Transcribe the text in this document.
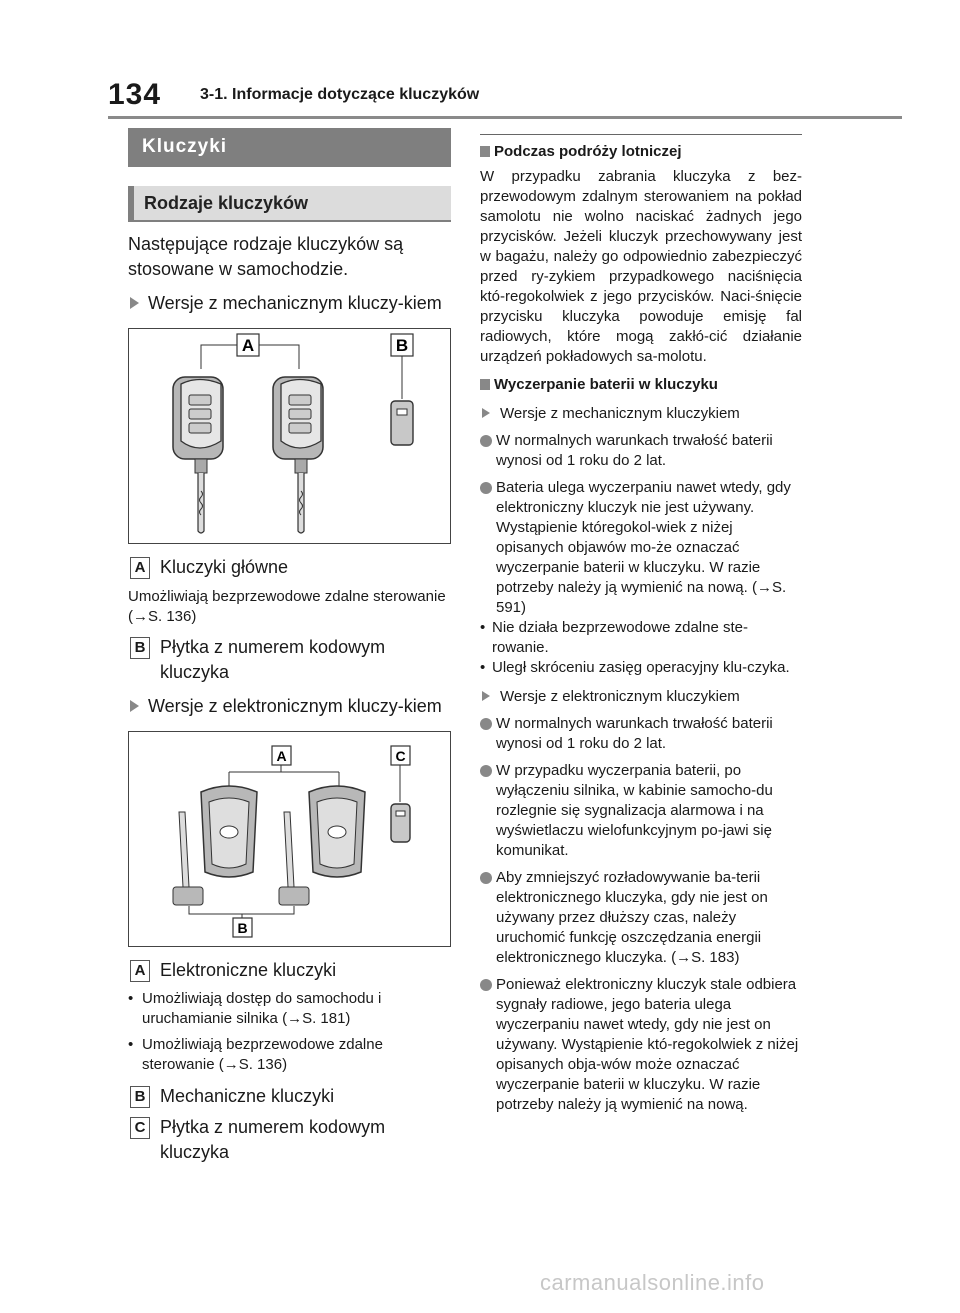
134 3-1. Informacje dotyczące kluczyków
Kluczyki
Rodzaje kluczyków
Następujące rodzaje kluczyków są stosowane w samochodzie.
Wersje z mechanicznym kluczy-kiem
A	B
A Kluczyki główne
Umożliwiają bezprzewodowe zdalne sterowanie (→S. 136)
B Płytka z numerem kodowym kluczyka
Wersje z elektronicznym kluczy-kiem
A	C
B
A Elektroniczne kluczyki
• Umożliwiają dostęp do samochodu i uruchamianie silnika (→S. 181)
• Umożliwiają bezprzewodowe zdalne sterowanie (→S. 136)
B Mechaniczne kluczyki
C Płytka z numerem kodowym kluczyka
Podczas podróży lotniczej
W przypadku zabrania kluczyka z bez-przewodowym zdalnym sterowaniem na pokład samolotu nie wolno naciskać żadnych jego przycisków. Jeżeli kluczyk przechowywany jest w bagażu, należy go odpowiednio zabezpieczyć przed ry-zykiem przypadkowego naciśnięcia któ-regokolwiek z jego przycisków. Naci-śnięcie przycisku kluczyka powoduje emisję fal radiowych, które mogą zakłó-cić działanie urządzeń pokładowych sa-molotu.
Wyczerpanie baterii w kluczyku
Wersje z mechanicznym kluczykiem
W normalnych warunkach trwałość baterii wynosi od 1 roku do 2 lat.
Bateria ulega wyczerpaniu nawet wtedy, gdy elektroniczny kluczyk nie jest używany. Wystąpienie któregokol-wiek z niżej opisanych objawów mo-że oznaczać wyczerpanie baterii w kluczyku. W razie potrzeby należy ją wymienić na nową. (→S. 591)
• Nie działa bezprzewodowe zdalne ste-rowanie.
• Uległ skróceniu zasięg operacyjny klu-czyka.
Wersje z elektronicznym kluczykiem
W normalnych warunkach trwałość baterii wynosi od 1 roku do 2 lat.
W przypadku wyczerpania baterii, po wyłączeniu silnika, w kabinie samocho-du rozlegnie się sygnalizacja alarmowa i na wyświetlaczu wielofunkcyjnym po-jawi się komunikat.
Aby zmniejszyć rozładowywanie ba-terii elektronicznego kluczyka, gdy nie jest on używany przez dłuższy czas, należy uruchomić funkcję oszczędzania energii elektronicznego kluczyka. (→S. 183)
Ponieważ elektroniczny kluczyk stale odbiera sygnały radiowe, jego bateria ulega wyczerpaniu nawet wtedy, gdy nie jest on używany. Wystąpienie któ-regokolwiek z niżej opisanych obja-wów może oznaczać wyczerpanie baterii w kluczyku. W razie potrzeby należy ją wymienić na nową.
carmanualsonline.info
